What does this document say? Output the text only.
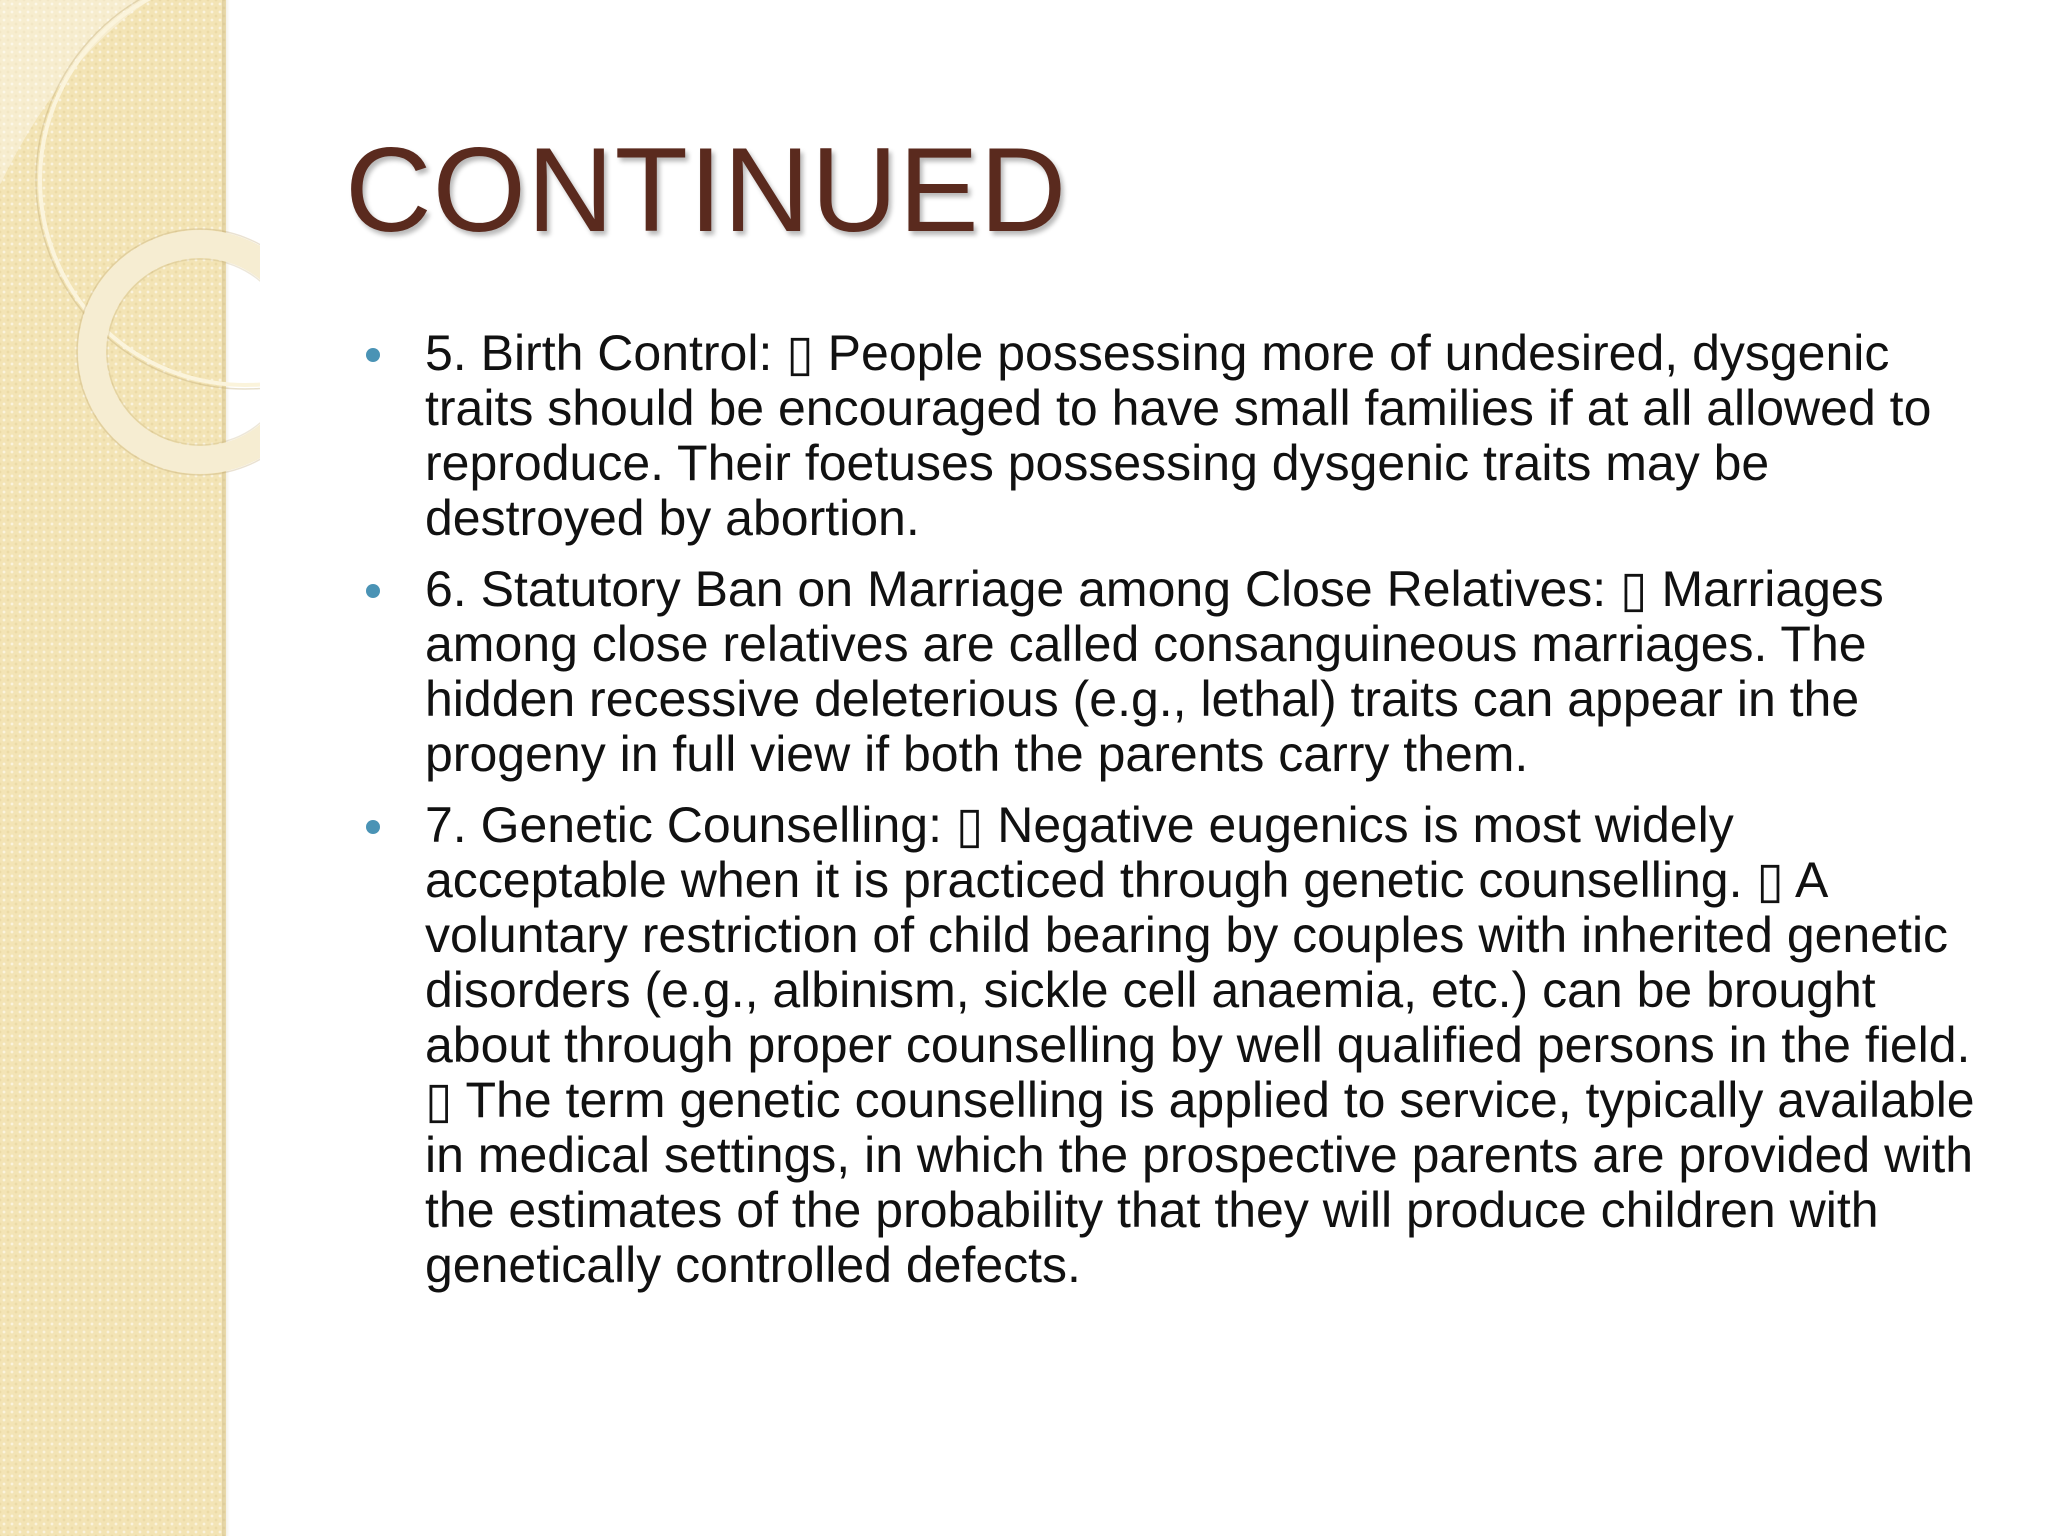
CONTINUED
5. Birth Control: ▯ People possessing more of undesired, dysgenic traits should be encouraged to have small families if at all allowed to reproduce. Their foetuses possessing dysgenic traits may be destroyed by abortion.
6. Statutory Ban on Marriage among Close Relatives: ▯ Marriages among close relatives are called consanguineous marriages. The hidden recessive deleterious (e.g., lethal) traits can appear in the progeny in full view if both the parents carry them.
7. Genetic Counselling: ▯ Negative eugenics is most widely acceptable when it is practiced through genetic counselling. ▯ A voluntary restriction of child bearing by couples with inherited genetic disorders (e.g., albinism, sickle cell anaemia, etc.) can be brought about through proper counselling by well qualified persons in the field. ▯ The term genetic counselling is applied to service, typically available in medical settings, in which the prospective parents are provided with the estimates of the probability that they will produce children with genetically controlled defects.
